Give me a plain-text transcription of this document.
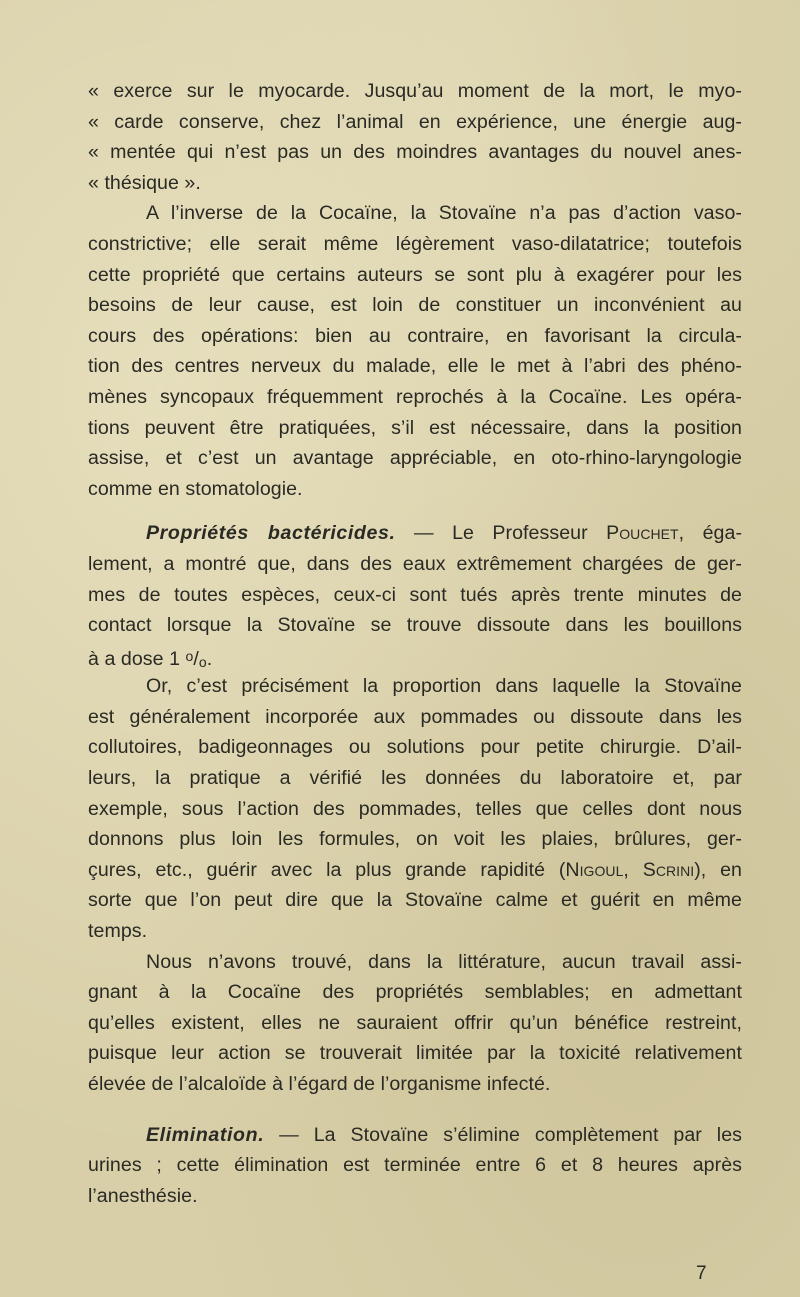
« exerce sur le myocarde. Jusqu’au moment de la mort, le myo-
« carde conserve, chez l’animal en expérience, une énergie aug-
« mentée qui n’est pas un des moindres avantages du nouvel anes-
« thésique ».
A l’inverse de la Cocaïne, la Stovaïne n’a pas d’action vaso-
constrictive; elle serait même légèrement vaso-dilatatrice; toutefois
cette propriété que certains auteurs se sont plu à exagérer pour les
besoins de leur cause, est loin de constituer un inconvénient au
cours des opérations: bien au contraire, en favorisant la circula-
tion des centres nerveux du malade, elle le met à l’abri des phéno-
mènes syncopaux fréquemment reprochés à la Cocaïne. Les opéra-
tions peuvent être pratiquées, s’il est nécessaire, dans la position
assise, et c’est un avantage appréciable, en oto-rhino-laryngologie
comme en stomatologie.
Propriétés bactéricides. — Le Professeur Pouchet, éga-
lement, a montré que, dans des eaux extrêmement chargées de ger-
mes de toutes espèces, ceux-ci sont tués après trente minutes de
contact lorsque la Stovaïne se trouve dissoute dans les bouillons
à a dose 1 $^o$/o.
Or, c’est précisément la proportion dans laquelle la Stovaïne
est généralement incorporée aux pommades ou dissoute dans les
collutoires, badigeonnages ou solutions pour petite chirurgie. D’ail-
leurs, la pratique a vérifié les données du laboratoire et, par
exemple, sous l’action des pommades, telles que celles dont nous
donnons plus loin les formules, on voit les plaies, brûlures, ger-
çures, etc., guérir avec la plus grande rapidité (Nigoul, Scrini), en
sorte que l’on peut dire que la Stovaïne calme et guérit en même
temps.
Nous n’avons trouvé, dans la littérature, aucun travail assi-
gnant à la Cocaïne des propriétés semblables; en admettant
qu’elles existent, elles ne sauraient offrir qu’un bénéfice restreint,
puisque leur action se trouverait limitée par la toxicité relativement
élevée de l’alcaloïde à l’égard de l’organisme infecté.
Elimination. — La Stovaïne s’élimine complètement par les
urines ; cette élimination est terminée entre 6 et 8 heures après
l’anesthésie.
7
